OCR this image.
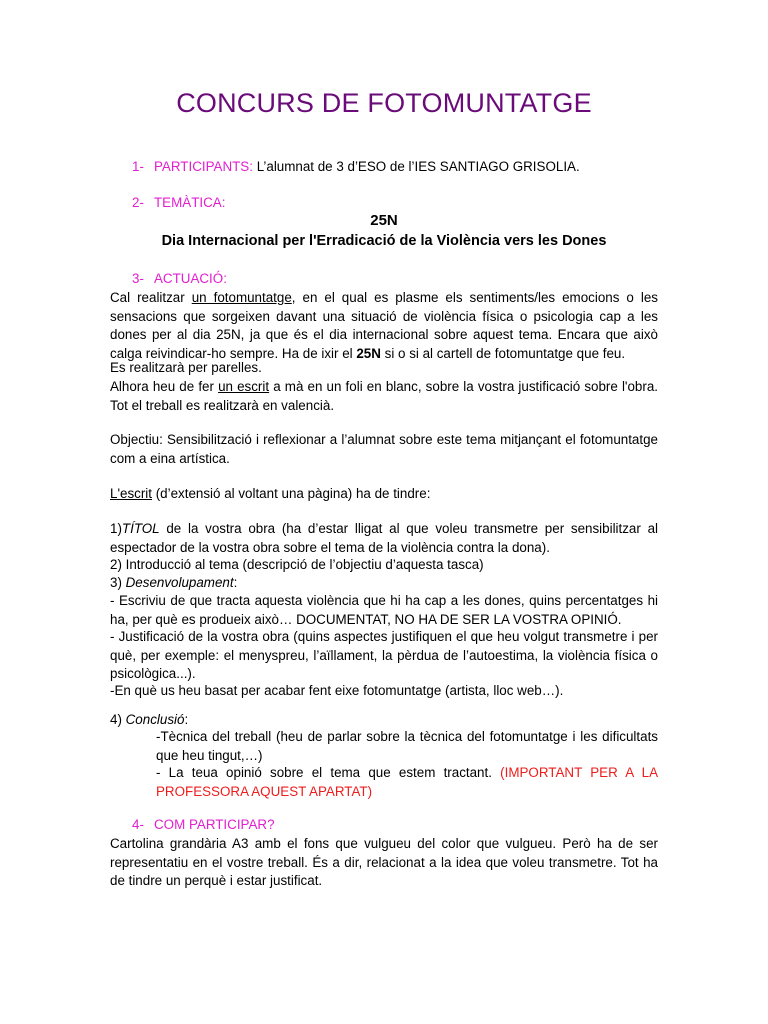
CONCURS DE FOTOMUNTATGE
1- PARTICIPANTS: L’alumnat de 3 d’ESO de l’IES SANTIAGO GRISOLIA.
2- TEMÀTICA:
25N
Dia Internacional per l'Erradicació de la Violència vers les Dones
3- ACTUACIÓ:
Cal realitzar un fotomuntatge, en el qual es plasme els sentiments/les emocions o les sensacions que sorgeixen davant una situació de violència física o psicologia cap a les dones per al dia 25N, ja que és el dia internacional sobre aquest tema. Encara que això calga reivindicar-ho sempre. Ha de ixir el 25N si o si al cartell de fotomuntatge que feu.
Es realitzarà per parelles.
Alhora heu de fer un escrit a mà en un foli en blanc, sobre la vostra justificació sobre l'obra. Tot el treball es realitzarà en valencià.
Objectiu: Sensibilització i reflexionar a l’alumnat sobre este tema mitjançant el fotomuntatge com a eina artística.
L'escrit (d’extensió al voltant una pàgina) ha de tindre:
1)TÍTOL de la vostra obra (ha d’estar lligat al que voleu transmetre per sensibilitzar al espectador de la vostra obra sobre el tema de la violència contra la dona).
2) Introducció al tema (descripció de l’objectiu d’aquesta tasca)
3) Desenvolupament:
- Escriviu de que tracta aquesta violència que hi ha cap a les dones, quins percentatges hi ha, per què es produeix això… DOCUMENTAT, NO HA DE SER LA VOSTRA OPINIÓ.
- Justificació de la vostra obra (quins aspectes justifiquen el que heu volgut transmetre i per què, per exemple: el menyspreu, l’aïllament, la pèrdua de l’autoestima, la violència física o psicològica...).
-En què us heu basat per acabar fent eixe fotomuntatge (artista, lloc web…).
4) Conclusió:
-Tècnica del treball (heu de parlar sobre la tècnica del fotomuntatge i les dificultats que heu tingut,…)
- La teua opinió sobre el tema que estem tractant. (IMPORTANT PER A LA PROFESSORA AQUEST APARTAT)
4- COM PARTICIPAR?
Cartolina grandària A3 amb el fons que vulgueu del color que vulgueu. Però ha de ser representatiu en el vostre treball. És a dir, relacionat a la idea que voleu transmetre. Tot ha de tindre un perquè i estar justificat.
